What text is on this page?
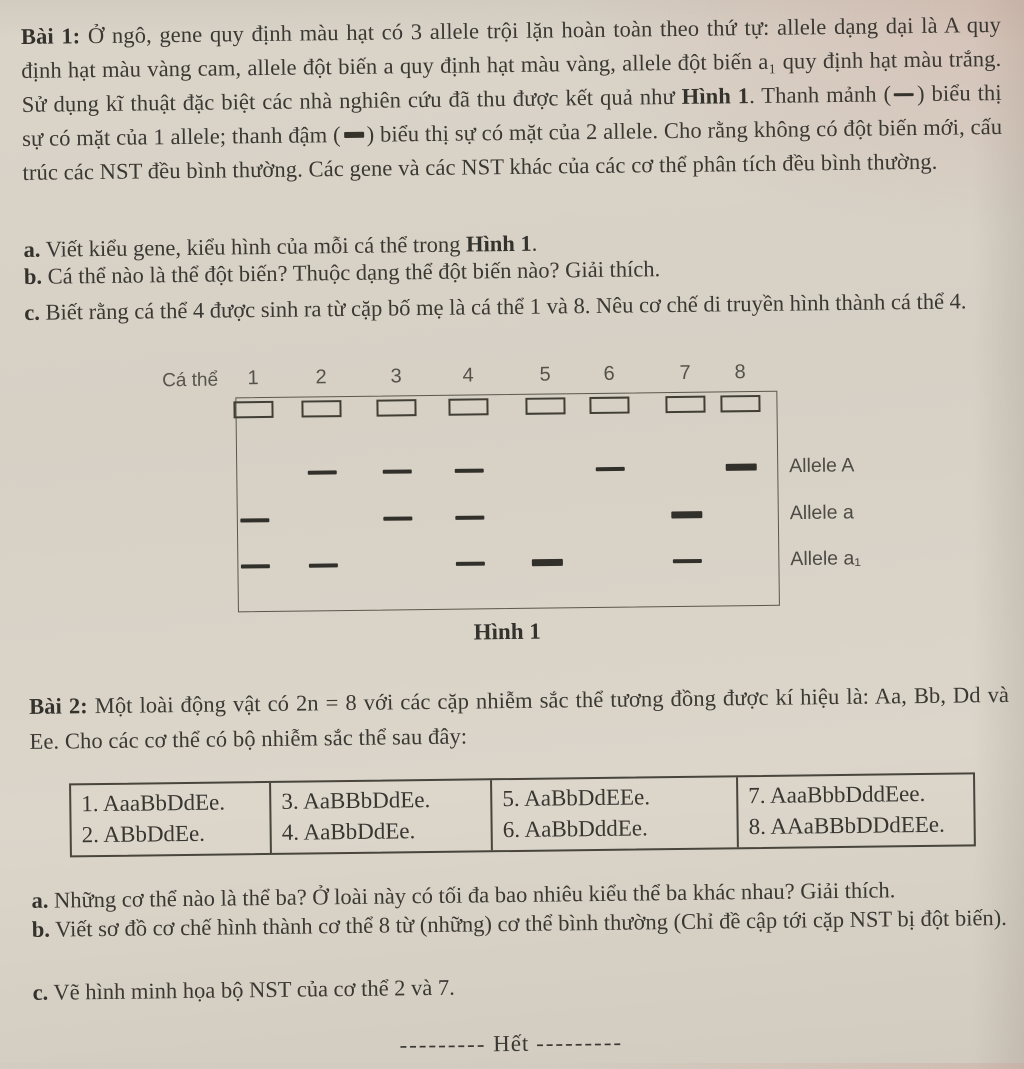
Bài 1: Ở ngô, gene quy định màu hạt có 3 allele trội lặn hoàn toàn theo thứ tự: allele dạng dại là A quy định hạt màu vàng cam, allele đột biến a quy định hạt màu vàng, allele đột biến a₁ quy định hạt màu trắng. Sử dụng kĩ thuật đặc biệt các nhà nghiên cứu đã thu được kết quả như Hình 1. Thanh mảnh ( ) biểu thị sự có mặt của 1 allele; thanh đậm ( ) biểu thị sự có mặt của 2 allele. Cho rằng không có đột biến mới, cấu trúc các NST đều bình thường. Các gene và các NST khác của các cơ thể phân tích đều bình thường.
a. Viết kiểu gene, kiểu hình của mỗi cá thể trong Hình 1.
b. Cá thể nào là thể đột biến? Thuộc dạng thể đột biến nào? Giải thích.
c. Biết rằng cá thể 4 được sinh ra từ cặp bố mẹ là cá thể 1 và 8. Nêu cơ chế di truyền hình thành cá thể 4.
Cá thể
Hình 1
1	2	3	4	5	6	7 8
Allele A
Allele a
Allele a₁
Bài 2: Một loài động vật có 2n = 8 với các cặp nhiễm sắc thể tương đồng được kí hiệu là: Aa, Bb, Dd và Ee. Cho các cơ thể có bộ nhiễm sắc thể sau đây:
1. AaaBbDdEe.
2. ABbDdEe.
3. AaBBbDdEe.
4. AaBbDdEe.
5. AaBbDdEEe.
6. AaBbDddEe.
7. AaaBbbDddEee.
8. AAaBBbDDdEEe.
a. Những cơ thể nào là thể ba? Ở loài này có tối đa bao nhiêu kiểu thể ba khác nhau? Giải thích.
b. Viết sơ đồ cơ chế hình thành cơ thể 8 từ (những) cơ thể bình thường (Chỉ đề cập tới cặp NST bị đột biến).
c. Vẽ hình minh họa bộ NST của cơ thể 2 và 7.
--------- Hết ---------
